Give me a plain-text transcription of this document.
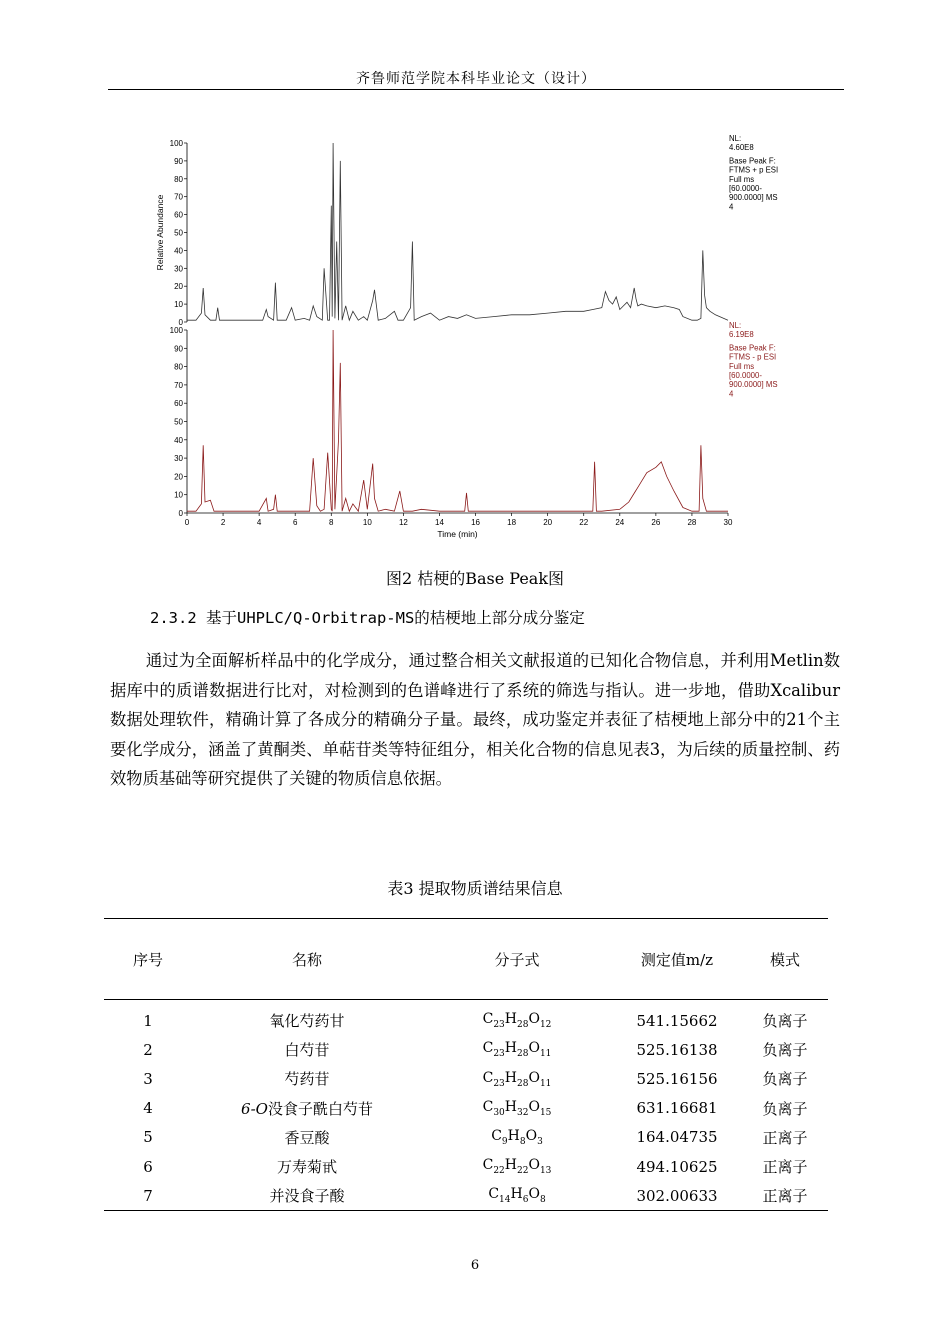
齐鲁师范学院本科毕业论文（设计）
0
10
20
30
40
50
60
70
80
90
100
Relative Abundance
NL:
4.60E8
Base Peak F:
FTMS + p ESI
Full ms
[60.0000-
900.0000] MS
4
0
10
20
30
40
50
60
70
80
90
100
0	2	4	6	8	10	12	14	16	18	20	22	24	26	28	30
Time (min)
NL:
6.19E8
Base Peak F:
FTMS - p ESI
Full ms
[60.0000-
900.0000] MS
4
图2 桔梗的Base Peak图
2.3.2 基于UHPLC/Q-Orbitrap-MS的桔梗地上部分成分鉴定
通过为全面解析样品中的化学成分，通过整合相关文献报道的已知化合物信息，并利用Metlin数据库中的质谱数据进行比对，对检测到的色谱峰进行了系统的筛选与指认。进一步地，借助Xcalibur数据处理软件，精确计算了各成分的精确分子量。最终，成功鉴定并表征了桔梗地上部分中的21个主要化学成分，涵盖了黄酮类、单萜苷类等特征组分，相关化合物的信息见表3，为后续的质量控制、药效物质基础等研究提供了关键的物质信息依据。
表3 提取物质谱结果信息
序号	名称	分子式	测定值m/z	模式
1	氧化芍药甘	$C_{23}H_{28}O_{12}$	541.15662	负离子
2	白芍苷	$C_{23}H_{28}O_{11}$	525.16138	负离子
3	芍药苷	$C_{23}H_{28}O_{11}$	525.16156	负离子
4	6-O没食子酰白芍苷	$C_{30}H_{32}O_{15}$	631.16681	负离子
5	香豆酸	$C_9H_8O_3$	164.04735	正离子
6	万寿菊甙	$C_{22}H_{22}O_{13}$	494.10625	正离子
7	并没食子酸	$C_{14}H_6O_8$	302.00633	正离子
6
